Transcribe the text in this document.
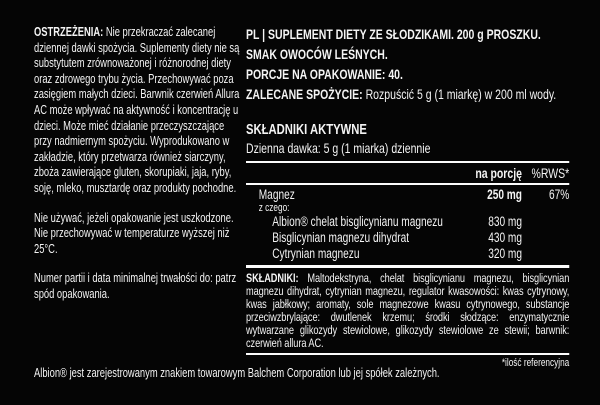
OSTRZEŻENIA: Nie przekraczać zalecanej dziennej dawki spożycia. Suplementy diety nie są substytutem zrównoważonej i różnorodnej diety oraz zdrowego trybu życia. Przechowywać poza zasięgiem małych dzieci. Barwnik czerwień Allura AC może wpływać na aktywność i koncentrację u dzieci. Może mieć działanie przeczyszczające przy nadmiernym spożyciu. Wyprodukowano w zakładzie, który przetwarza również siarczyny, zboża zawierające gluten, skorupiaki, jaja, ryby, soję, mleko, musztardę oraz produkty pochodne.

Nie używać, jeżeli opakowanie jest uszkodzone. Nie przechowywać w temperaturze wyższej niż 25°C.

Numer partii i data minimalnej trwałości do: patrz spód opakowania.

PL | SUPLEMENT DIETY ZE SŁODZIKAMI. 200 g PROSZKU.
SMAK OWOCÓW LEŚNYCH.
PORCJE NA OPAKOWANIE: 40.
ZALECANE SPOŻYCIE: Rozpuścić 5 g (1 miarkę) w 200 ml wody.
SKŁADNIKI AKTYWNE
Dzienna dawka: 5 g (1 miarka) dziennie
na porcję %RWS*
Magnez	250 mg	67%
z czego:
Albion® chelat bisglicynianu magnezu	830 mg
Bisglicynian magnezu dihydrat	430 mg
Cytrynian magnezu	320 mg

SKŁADNIKI: Maltodekstryna, chelat bisglicynianu magnezu, bisglicynian magnezu dihydrat, cytrynian magnezu, regulator kwasowości: kwas cytrynowy, kwas jabłkowy; aromaty, sole magnezowe kwasu cytrynowego, substancje przeciwzbrylające: dwutlenek krzemu; środki słodzące: enzymatycznie wytwarzane glikozydy stewiolowe, glikozydy stewiolowe ze stewii; barwnik: czerwień allura AC.

*ilość referencyjna
Albion® jest zarejestrowanym znakiem towarowym Balchem Corporation lub jej spółek zależnych.
